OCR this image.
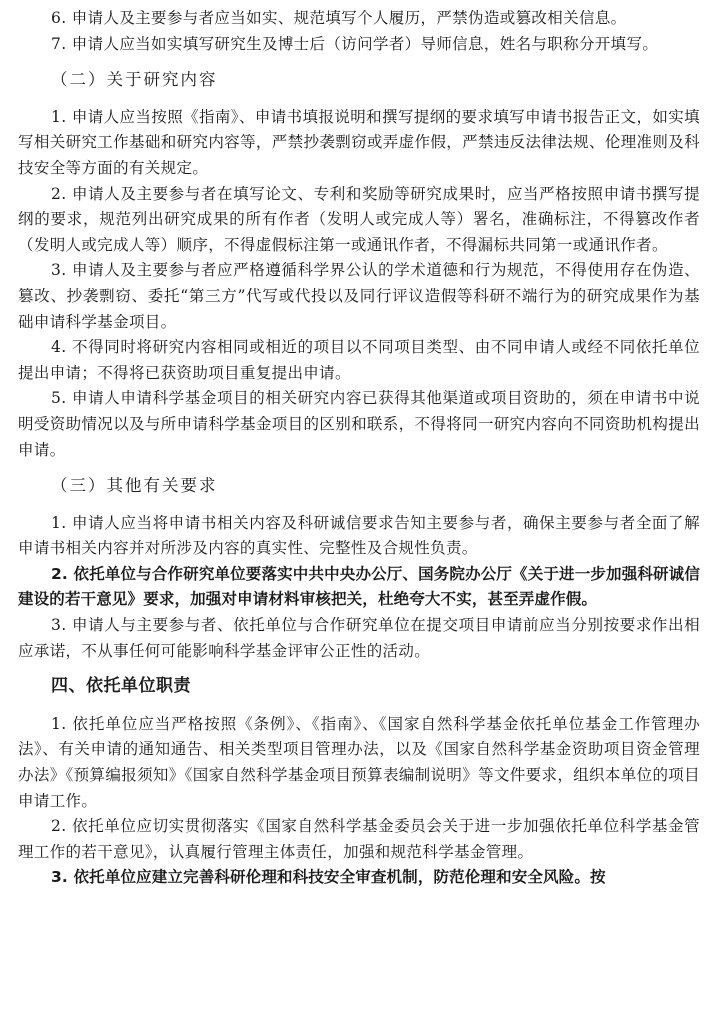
6. 申请人及主要参与者应当如实、规范填写个人履历，严禁伪造或篡改相关信息。

7. 申请人应当如实填写研究生及博士后（访问学者）导师信息，姓名与职称分开填写。

（二）关于研究内容

1. 申请人应当按照《指南》、申请书填报说明和撰写提纲的要求填写申请书报告正文，如实填写相关研究工作基础和研究内容等，严禁抄袭剽窃或弄虚作假，严禁违反法律法规、伦理准则及科技安全等方面的有关规定。

2. 申请人及主要参与者在填写论文、专利和奖励等研究成果时，应当严格按照申请书撰写提纲的要求，规范列出研究成果的所有作者（发明人或完成人等）署名，准确标注，不得篡改作者（发明人或完成人等）顺序，不得虚假标注第一或通讯作者，不得漏标共同第一或通讯作者。

3. 申请人及主要参与者应严格遵循科学界公认的学术道德和行为规范，不得使用存在伪造、篡改、抄袭剽窃、委托“第三方”代写或代投以及同行评议造假等科研不端行为的研究成果作为基础申请科学基金项目。

4. 不得同时将研究内容相同或相近的项目以不同项目类型、由不同申请人或经不同依托单位提出申请；不得将已获资助项目重复提出申请。

5. 申请人申请科学基金项目的相关研究内容已获得其他渠道或项目资助的，须在申请书中说明受资助情况以及与所申请科学基金项目的区别和联系，不得将同一研究内容向不同资助机构提出申请。

（三）其他有关要求

1. 申请人应当将申请书相关内容及科研诚信要求告知主要参与者，确保主要参与者全面了解申请书相关内容并对所涉及内容的真实性、完整性及合规性负责。

2. 依托单位与合作研究单位要落实中共中央办公厅、国务院办公厅《关于进一步加强科研诚信建设的若干意见》要求，加强对申请材料审核把关，杜绝夸大不实，甚至弄虚作假。

3. 申请人与主要参与者、依托单位与合作研究单位在提交项目申请前应当分别按要求作出相应承诺，不从事任何可能影响科学基金评审公正性的活动。

四、依托单位职责

1. 依托单位应当严格按照《条例》、《指南》、《国家自然科学基金依托单位基金工作管理办法》、有关申请的通知通告、相关类型项目管理办法，以及《国家自然科学基金资助项目资金管理办法》《预算编报须知》《国家自然科学基金项目预算表编制说明》等文件要求，组织本单位的项目申请工作。

2. 依托单位应切实贯彻落实《国家自然科学基金委员会关于进一步加强依托单位科学基金管理工作的若干意见》，认真履行管理主体责任，加强和规范科学基金管理。

3. 依托单位应建立完善科研伦理和科技安全审查机制，防范伦理和安全风险。按
